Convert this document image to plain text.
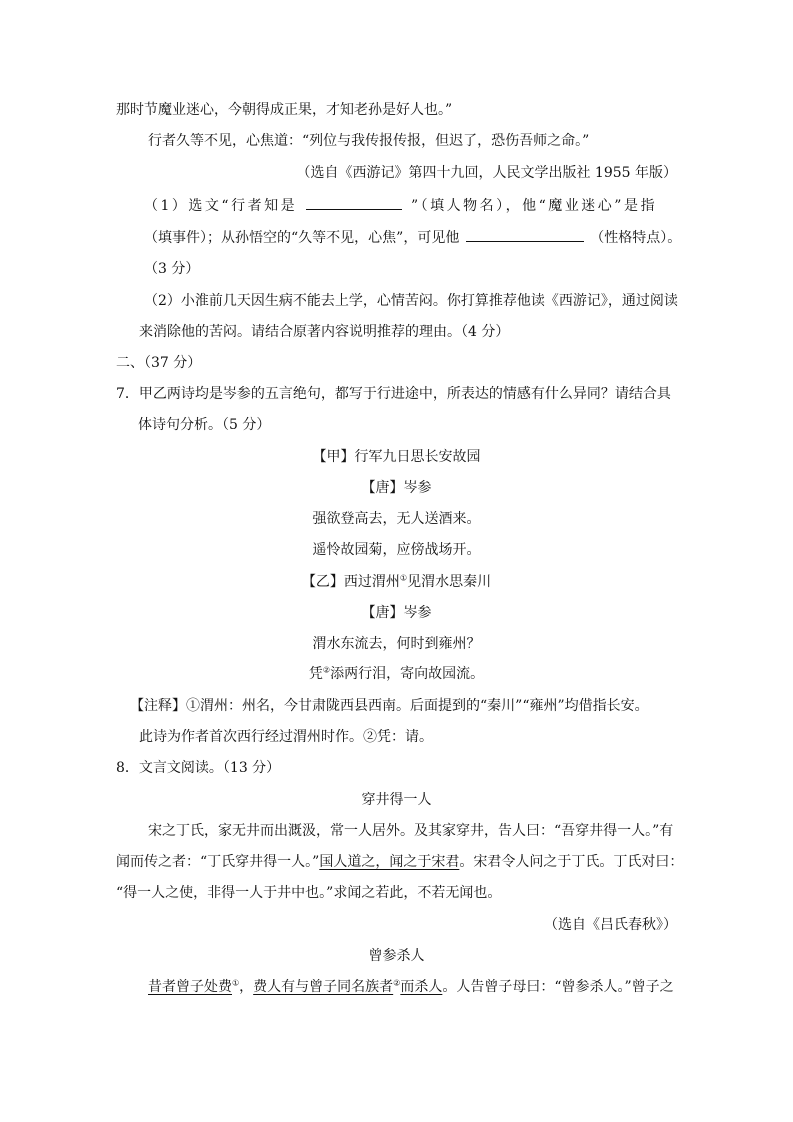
那时节魔业迷心，今朝得成正果，才知老孙是好人也。”
行者久等不见，心焦道：“列位与我传报传报，但迟了，恐伤吾师之命。”
（选自《西游记》第四十九回，人民文学出版社 1955 年版）
（1）选文“行者知是	”（填人物名），他“魔业迷心”是指
（填事件）；从孙悟空的“久等不见，心焦”，可见他	（性格特点）。
（3 分）
（2）小淮前几天因生病不能去上学，心情苦闷。你打算推荐他读《西游记》，通过阅读
来消除他的苦闷。请结合原著内容说明推荐的理由。（4 分）
二、（37 分）
7．甲乙两诗均是岑参的五言绝句，都写于行进途中，所表达的情感有什么异同？请结合具
体诗句分析。（5 分）
【甲】行军九日思长安故园
【唐】岑参
强欲登高去，无人送酒来。
遥怜故园菊，应傍战场开。
【乙】西过渭州①见渭水思秦川
【唐】岑参
渭水东流去，何时到雍州？
凭②添两行泪，寄向故园流。
【注释】①渭州：州名，今甘肃陇西县西南。后面提到的“秦川”“雍州”均借指长安。
此诗为作者首次西行经过渭州时作。②凭：请。
8．文言文阅读。（13 分）
穿井得一人
宋之丁氏，家无井而出溉汲，常一人居外。及其家穿井，告人曰：“吾穿井得一人。”有
闻而传之者：“丁氏穿井得一人。”国人道之，闻之于宋君。宋君令人问之于丁氏。丁氏对曰：
“得一人之使，非得一人于井中也。”求闻之若此，不若无闻也。
（选自《吕氏春秋》）
曾参杀人
昔者曾子处费①，费人有与曾子同名族者②而杀人。人告曾子母曰：“曾参杀人。”曾子之
